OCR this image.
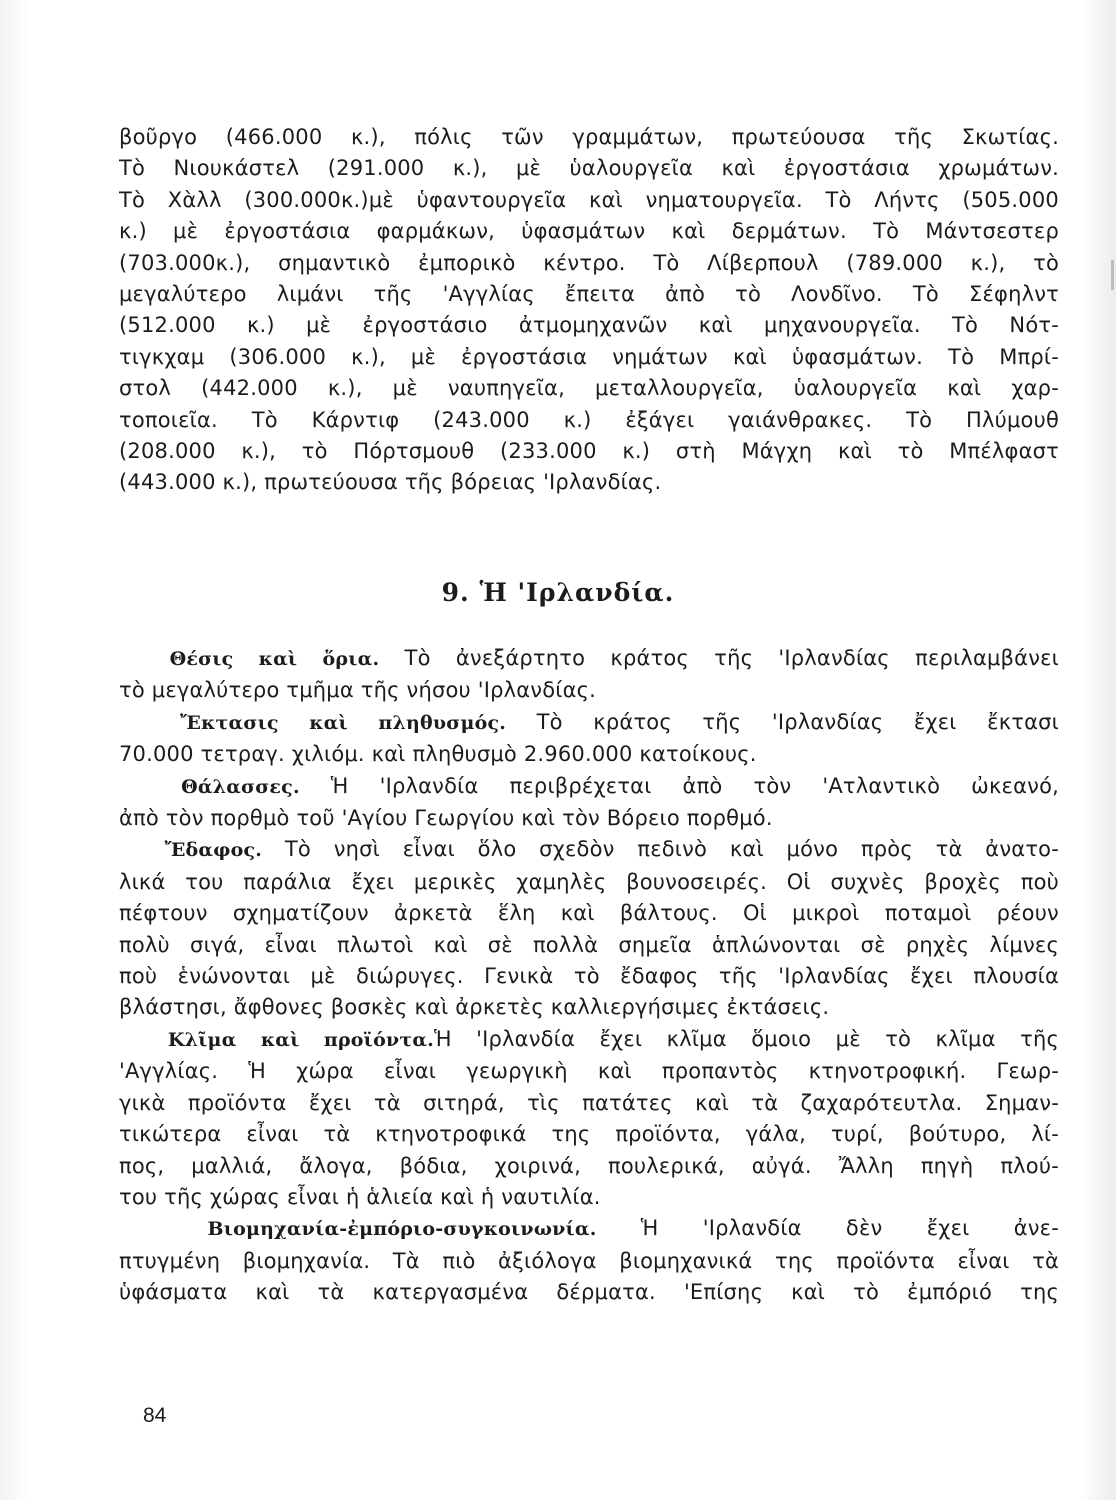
βοῦργο (466.000 κ.), πόλις τῶν γραμμάτων, πρωτεύουσα τῆς Σκωτίας.
Τὸ Νιουκάστελ (291.000 κ.), μὲ ὑαλουργεῖα καὶ ἐργοστάσια χρωμάτων.
Τὸ Χὰλλ (300.000κ.)μὲ ὑφαντουργεῖα καὶ νηματουργεῖα. Τὸ Λήντς (505.000
κ.) μὲ ἐργοστάσια φαρμάκων, ὑφασμάτων καὶ δερμάτων. Τὸ Μάντσεστερ
(703.000κ.), σημαντικὸ ἐμπορικὸ κέντρο. Τὸ Λίβερπουλ (789.000 κ.), τὸ
μεγαλύτερο λιμάνι τῆς 'Αγγλίας ἔπειτα ἀπὸ τὸ Λονδῖνο. Τὸ Σέφηλντ
(512.000 κ.) μὲ ἐργοστάσιο ἀτμομηχανῶν καὶ μηχανουργεῖα. Τὸ Νότ-
τιγκχαμ (306.000 κ.), μὲ ἐργοστάσια νημάτων καὶ ὑφασμάτων. Τὸ Μπρί-
στολ (442.000 κ.), μὲ ναυπηγεῖα, μεταλλουργεῖα, ὑαλουργεῖα καὶ χαρ-
τοποιεῖα. Τὸ Κάρντιφ (243.000 κ.) ἐξάγει γαιάνθρακες. Τὸ Πλύμουθ
(208.000 κ.), τὸ Πόρτσμουθ (233.000 κ.) στὴ Μάγχη καὶ τὸ Μπέλφαστ
(443.000 κ.), πρωτεύουσα τῆς βόρειας 'Ιρλανδίας.
9. Ἡ 'Ιρλανδία.
Θέσις καὶ ὅρια. Τὸ ἀνεξάρτητο κράτος τῆς 'Ιρλανδίας περιλαμβάνει
τὸ μεγαλύτερο τμῆμα τῆς νήσου 'Ιρλανδίας.
Ἔκτασις καὶ πληθυσμός. Τὸ κράτος τῆς 'Ιρλανδίας ἔχει ἔκτασι
70.000 τετραγ. χιλιόμ. καὶ πληθυσμὸ 2.960.000 κατοίκους.
Θάλασσες. Ἡ 'Ιρλανδία περιβρέχεται ἀπὸ τὸν 'Ατλαντικὸ ὠκεανό,
ἀπὸ τὸν πορθμὸ τοῦ 'Αγίου Γεωργίου καὶ τὸν Βόρειο πορθμό.
Ἔδαφος. Τὸ νησὶ εἶναι ὅλο σχεδὸν πεδινὸ καὶ μόνο πρὸς τὰ ἀνατο-
λικά του παράλια ἔχει μερικὲς χαμηλὲς βουνοσειρές. Οἱ συχνὲς βροχὲς ποὺ
πέφτουν σχηματίζουν ἀρκετὰ ἕλη καὶ βάλτους. Οἱ μικροὶ ποταμοὶ ρέουν
πολὺ σιγά, εἶναι πλωτοὶ καὶ σὲ πολλὰ σημεῖα ἁπλώνονται σὲ ρηχὲς λίμνες
ποὺ ἑνώνονται μὲ διώρυγες. Γενικὰ τὸ ἔδαφος τῆς 'Ιρλανδίας ἔχει πλουσία
βλάστησι, ἄφθονες βοσκὲς καὶ ἀρκετὲς καλλιεργήσιμες ἐκτάσεις.
Κλῖμα καὶ προϊόντα.Ἡ 'Ιρλανδία ἔχει κλῖμα ὅμοιο μὲ τὸ κλῖμα τῆς
'Αγγλίας. Ἡ χώρα εἶναι γεωργικὴ καὶ προπαντὸς κτηνοτροφική. Γεωρ-
γικὰ προϊόντα ἔχει τὰ σιτηρά, τὶς πατάτες καὶ τὰ ζαχαρότευτλα. Σημαν-
τικώτερα εἶναι τὰ κτηνοτροφικά της προϊόντα, γάλα, τυρί, βούτυρο, λί-
πος, μαλλιά, ἄλογα, βόδια, χοιρινά, πουλερικά, αὐγά. Ἄλλη πηγὴ πλού-
του τῆς χώρας εἶναι ἡ ἁλιεία καὶ ἡ ναυτιλία.
Βιομηχανία-ἐμπόριο-συγκοινωνία. Ἡ 'Ιρλανδία δὲν ἔχει ἀνε-
πτυγμένη βιομηχανία. Τὰ πιὸ ἀξιόλογα βιομηχανικά της προϊόντα εἶναι τὰ
ὑφάσματα καὶ τὰ κατεργασμένα δέρματα. 'Επίσης καὶ τὸ ἐμπόριό της
84
